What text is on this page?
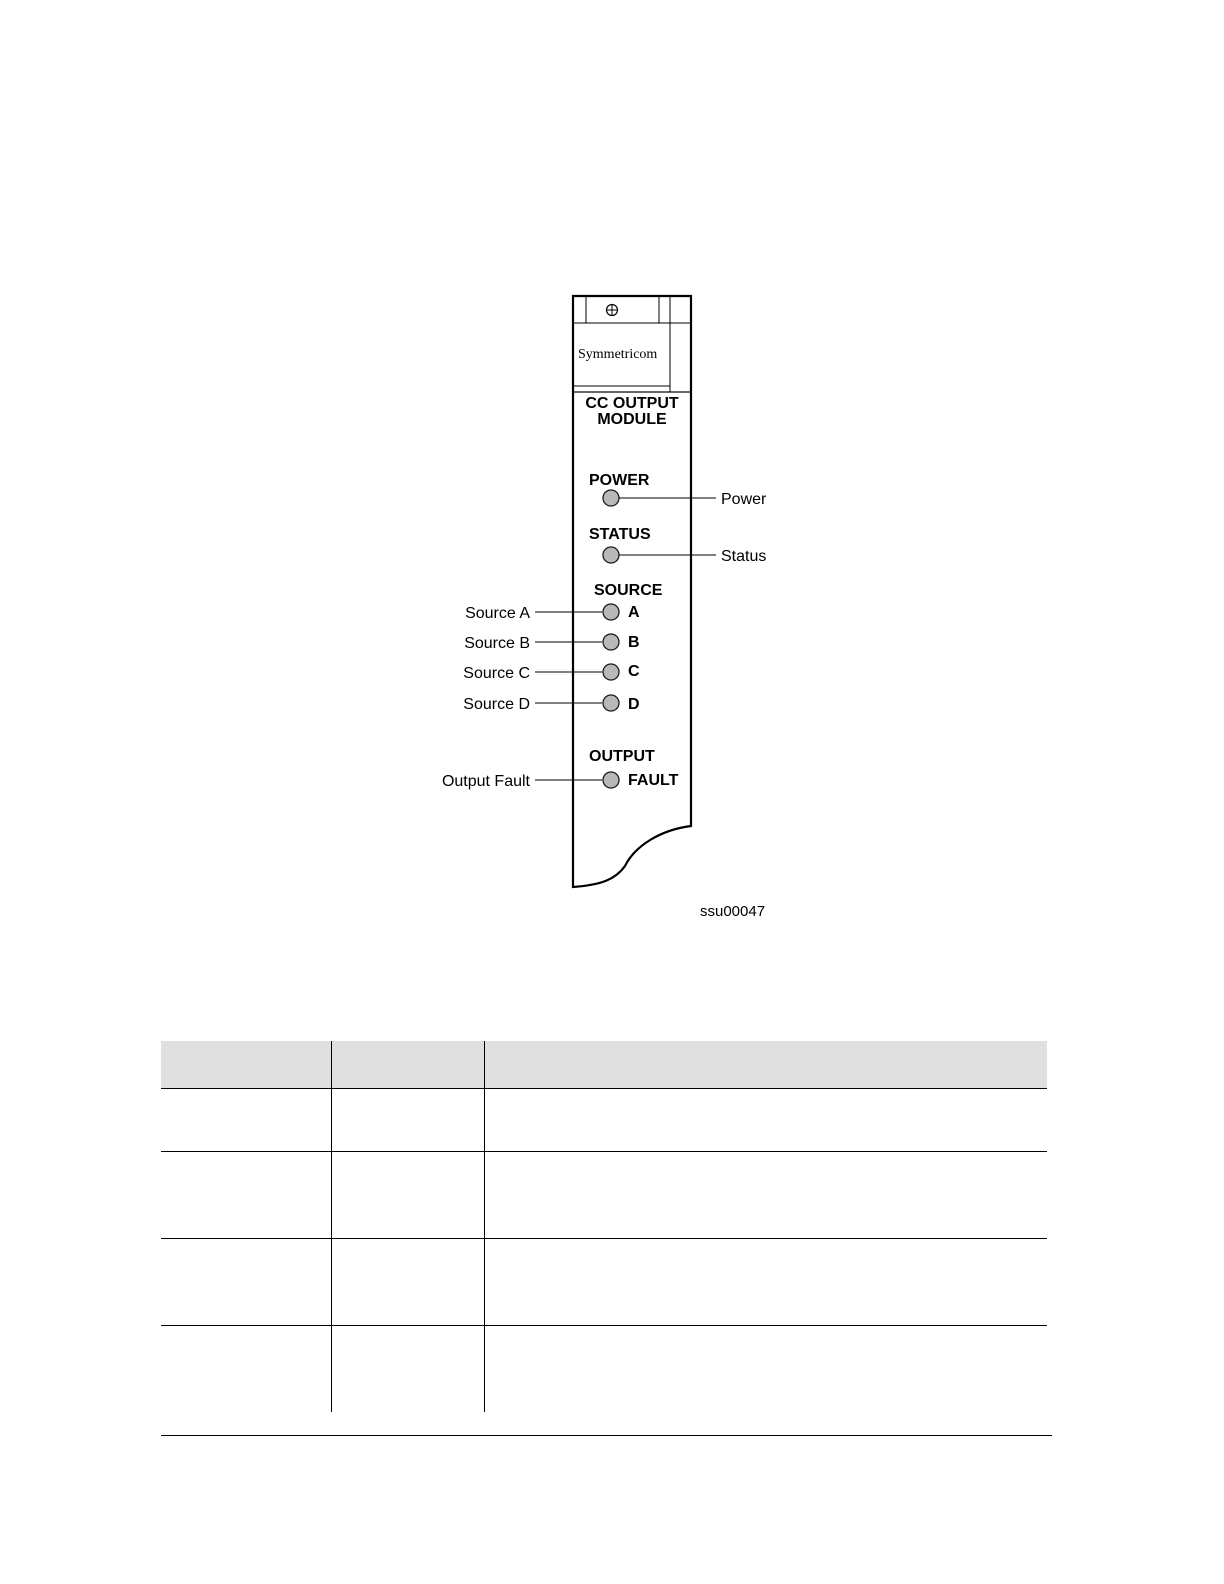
Symmetricom
CC OUTPUT
MODULE
POWER
STATUS
SOURCE
A
B
C
D
OUTPUT
FAULT
Power
Status
Source A
Source B
Source C
Source D
Output Fault
ssu00047
